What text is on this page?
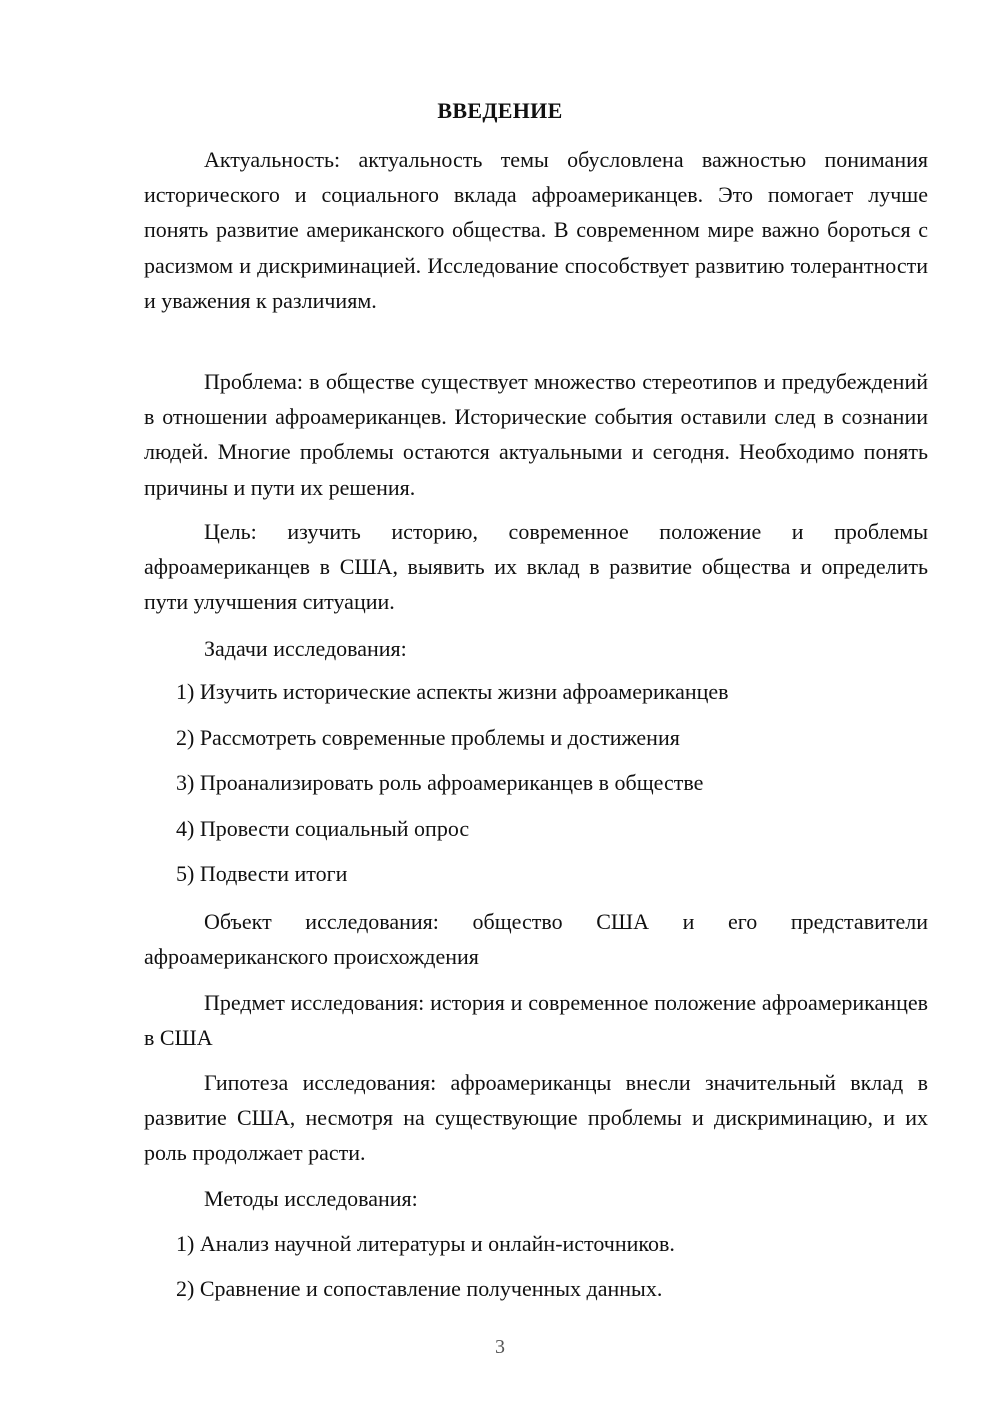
ВВЕДЕНИЕ

Актуальность: актуальность темы обусловлена важностью понимания исторического и социального вклада афроамериканцев. Это помогает лучше понять развитие американского общества. В современном мире важно бороться с расизмом и дискриминацией. Исследование способствует развитию толерантности и уважения к различиям.

Проблема: в обществе существует множество стереотипов и предубеждений в отношении афроамериканцев. Исторические события оставили след в сознании людей. Многие проблемы остаются актуальными и сегодня. Необходимо понять причины и пути их решения.

Цель: изучить историю, современное положение и проблемы афроамериканцев в США, выявить их вклад в развитие общества и определить пути улучшения ситуации.

Задачи исследования:

1) Изучить исторические аспекты жизни афроамериканцев

2) Рассмотреть современные проблемы и достижения

3) Проанализировать роль афроамериканцев в обществе

4) Провести социальный опрос

5) Подвести итоги

Объект исследования: общество США и его представители афроамериканского происхождения

Предмет исследования: история и современное положение афроамериканцев в США

Гипотеза исследования: афроамериканцы внесли значительный вклад в развитие США, несмотря на существующие проблемы и дискриминацию, и их роль продолжает расти.

Методы исследования:

1) Анализ научной литературы и онлайн-источников.

2) Сравнение и сопоставление полученных данных.

3
